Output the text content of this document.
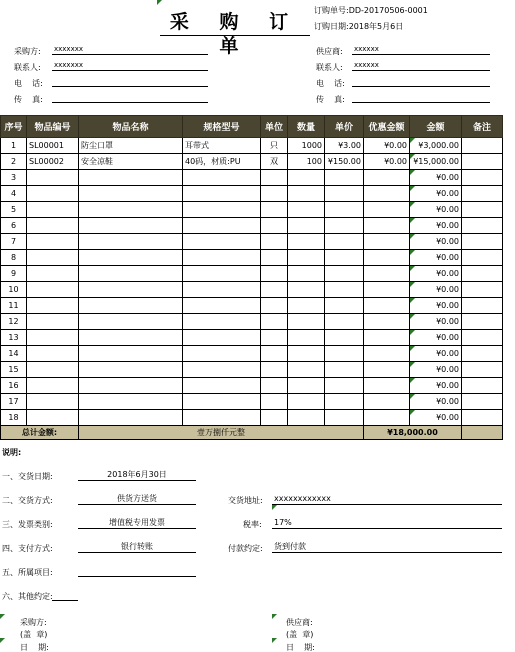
采 购 订 单
订购单号:DD-20170506-0001
订购日期:2018年5月6日
采购方: xxxxxxx
联系人: xxxxxxx
电    话:
传    真:
供应商: xxxxxx
联系人: xxxxxx
电    话:
传    真:
序号	物品编号	物品名称	规格型号	单位	数量	单价	优惠金额	金额	备注
1	SL00001	防尘口罩	耳带式	只	1000	¥3.00	¥0.00	¥3,000.00	
2	SL00002	安全凉鞋	40码，材质:PU	双	100	¥150.00	¥0.00	¥15,000.00	
3								¥0.00	
4								¥0.00	
5								¥0.00	
6								¥0.00	
7								¥0.00	
8								¥0.00	
9								¥0.00	
10								¥0.00	
11								¥0.00	
12								¥0.00	
13								¥0.00	
14								¥0.00	
15								¥0.00	
16								¥0.00	
17								¥0.00	
18								¥0.00	
总计金额:		壹万捌仟元整					¥18,000.00		
说明:
一、交货日期:	2018年6月30日
二、交货方式:	供货方送货	交货地址: xxxxxxxxxxxx
三、发票类别:	增值税专用发票	税率: 17%
四、支付方式:	银行转账	付款约定: 货到付款
五、所属项目:
六、其他约定:
采购方:
(盖  章)
日    期:
供应商:
(盖  章)
日    期:
